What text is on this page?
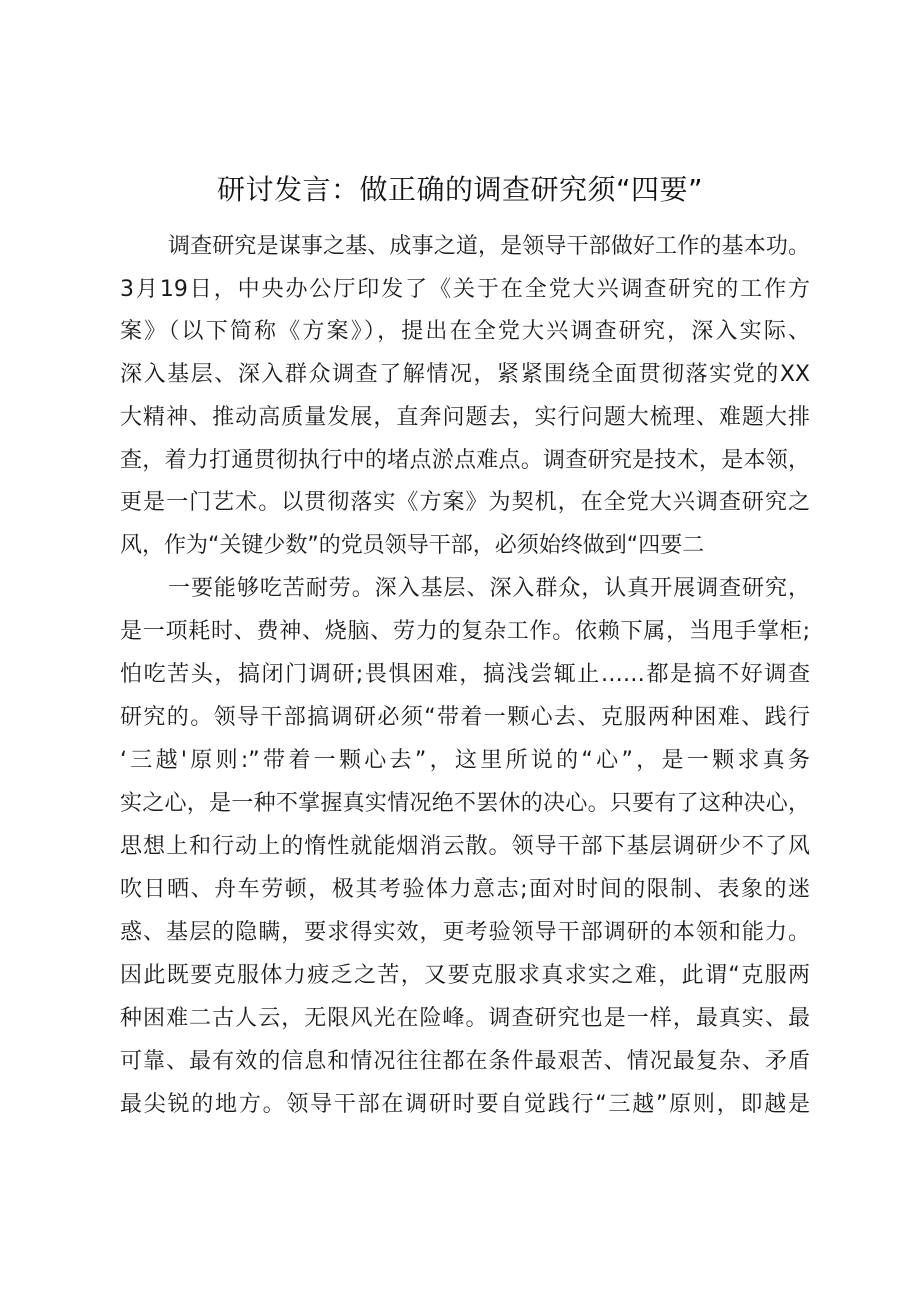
研讨发言：做正确的调查研究须“四要”
调查研究是谋事之基、成事之道，是领导干部做好工作的基本功。
3月19日，中央办公厅印发了《关于在全党大兴调查研究的工作方
案》（以下简称《方案》），提出在全党大兴调查研究，深入实际、
深入基层、深入群众调查了解情况，紧紧围绕全面贯彻落实党的XX
大精神、推动高质量发展，直奔问题去，实行问题大梳理、难题大排
查，着力打通贯彻执行中的堵点淤点难点。调查研究是技术，是本领，
更是一门艺术。以贯彻落实《方案》为契机，在全党大兴调查研究之
风，作为“关键少数”的党员领导干部，必须始终做到“四要二
一要能够吃苦耐劳。深入基层、深入群众，认真开展调查研究，
是一项耗时、费神、烧脑、劳力的复杂工作。依赖下属，当甩手掌柜;
怕吃苦头，搞闭门调研;畏惧困难，搞浅尝辄止……都是搞不好调查
研究的。领导干部搞调研必须“带着一颗心去、克服两种困难、践行
‘三越'原则:”带着一颗心去”，这里所说的“心”，是一颗求真务
实之心，是一种不掌握真实情况绝不罢休的决心。只要有了这种决心，
思想上和行动上的惰性就能烟消云散。领导干部下基层调研少不了风
吹日晒、舟车劳顿，极其考验体力意志;面对时间的限制、表象的迷
惑、基层的隐瞒，要求得实效，更考验领导干部调研的本领和能力。
因此既要克服体力疲乏之苦，又要克服求真求实之难，此谓“克服两
种困难二古人云，无限风光在险峰。调查研究也是一样，最真实、最
可靠、最有效的信息和情况往往都在条件最艰苦、情况最复杂、矛盾
最尖锐的地方。领导干部在调研时要自觉践行“三越”原则，即越是
